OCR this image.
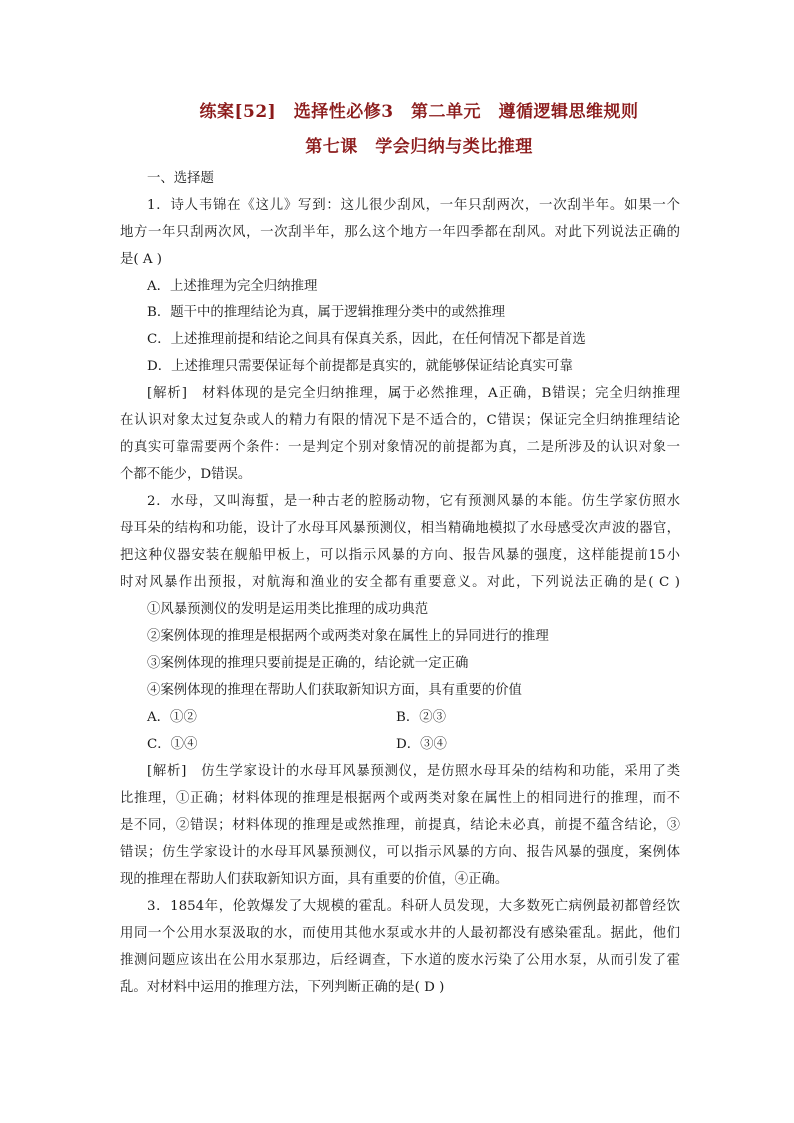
练案[52]　选择性必修3　第二单元　遵循逻辑思维规则
第七课　学会归纳与类比推理
一、选择题
1．诗人韦锦在《这儿》写到：这儿很少刮风，一年只刮两次，一次刮半年。如果一个
地方一年只刮两次风，一次刮半年，那么这个地方一年四季都在刮风。对此下列说法正确的
是( A )
A．上述推理为完全归纳推理
B．题干中的推理结论为真，属于逻辑推理分类中的或然推理
C．上述推理前提和结论之间具有保真关系，因此，在任何情况下都是首选
D．上述推理只需要保证每个前提都是真实的，就能够保证结论真实可靠
[解析]　材料体现的是完全归纳推理，属于必然推理，A正确，B错误；完全归纳推理
在认识对象太过复杂或人的精力有限的情况下是不适合的，C错误；保证完全归纳推理结论
的真实可靠需要两个条件：一是判定个别对象情况的前提都为真，二是所涉及的认识对象一
个都不能少，D错误。
2．水母，又叫海蜇，是一种古老的腔肠动物，它有预测风暴的本能。仿生学家仿照水
母耳朵的结构和功能，设计了水母耳风暴预测仪，相当精确地模拟了水母感受次声波的器官，
把这种仪器安装在舰船甲板上，可以指示风暴的方向、报告风暴的强度，这样能提前15小
时对风暴作出预报，对航海和渔业的安全都有重要意义。对此，下列说法正确的是( C )
①风暴预测仪的发明是运用类比推理的成功典范
②案例体现的推理是根据两个或两类对象在属性上的异同进行的推理
③案例体现的推理只要前提是正确的，结论就一定正确
④案例体现的推理在帮助人们获取新知识方面，具有重要的价值
A．①②	B．②③
C．①④	D．③④
[解析]　仿生学家设计的水母耳风暴预测仪，是仿照水母耳朵的结构和功能，采用了类
比推理，①正确；材料体现的推理是根据两个或两类对象在属性上的相同进行的推理，而不
是不同，②错误；材料体现的推理是或然推理，前提真，结论未必真，前提不蕴含结论，③
错误；仿生学家设计的水母耳风暴预测仪，可以指示风暴的方向、报告风暴的强度，案例体
现的推理在帮助人们获取新知识方面，具有重要的价值，④正确。
3．1854年，伦敦爆发了大规模的霍乱。科研人员发现，大多数死亡病例最初都曾经饮
用同一个公用水泵汲取的水，而使用其他水泵或水井的人最初都没有感染霍乱。据此，他们
推测问题应该出在公用水泵那边，后经调查，下水道的废水污染了公用水泵，从而引发了霍
乱。对材料中运用的推理方法，下列判断正确的是( D )
